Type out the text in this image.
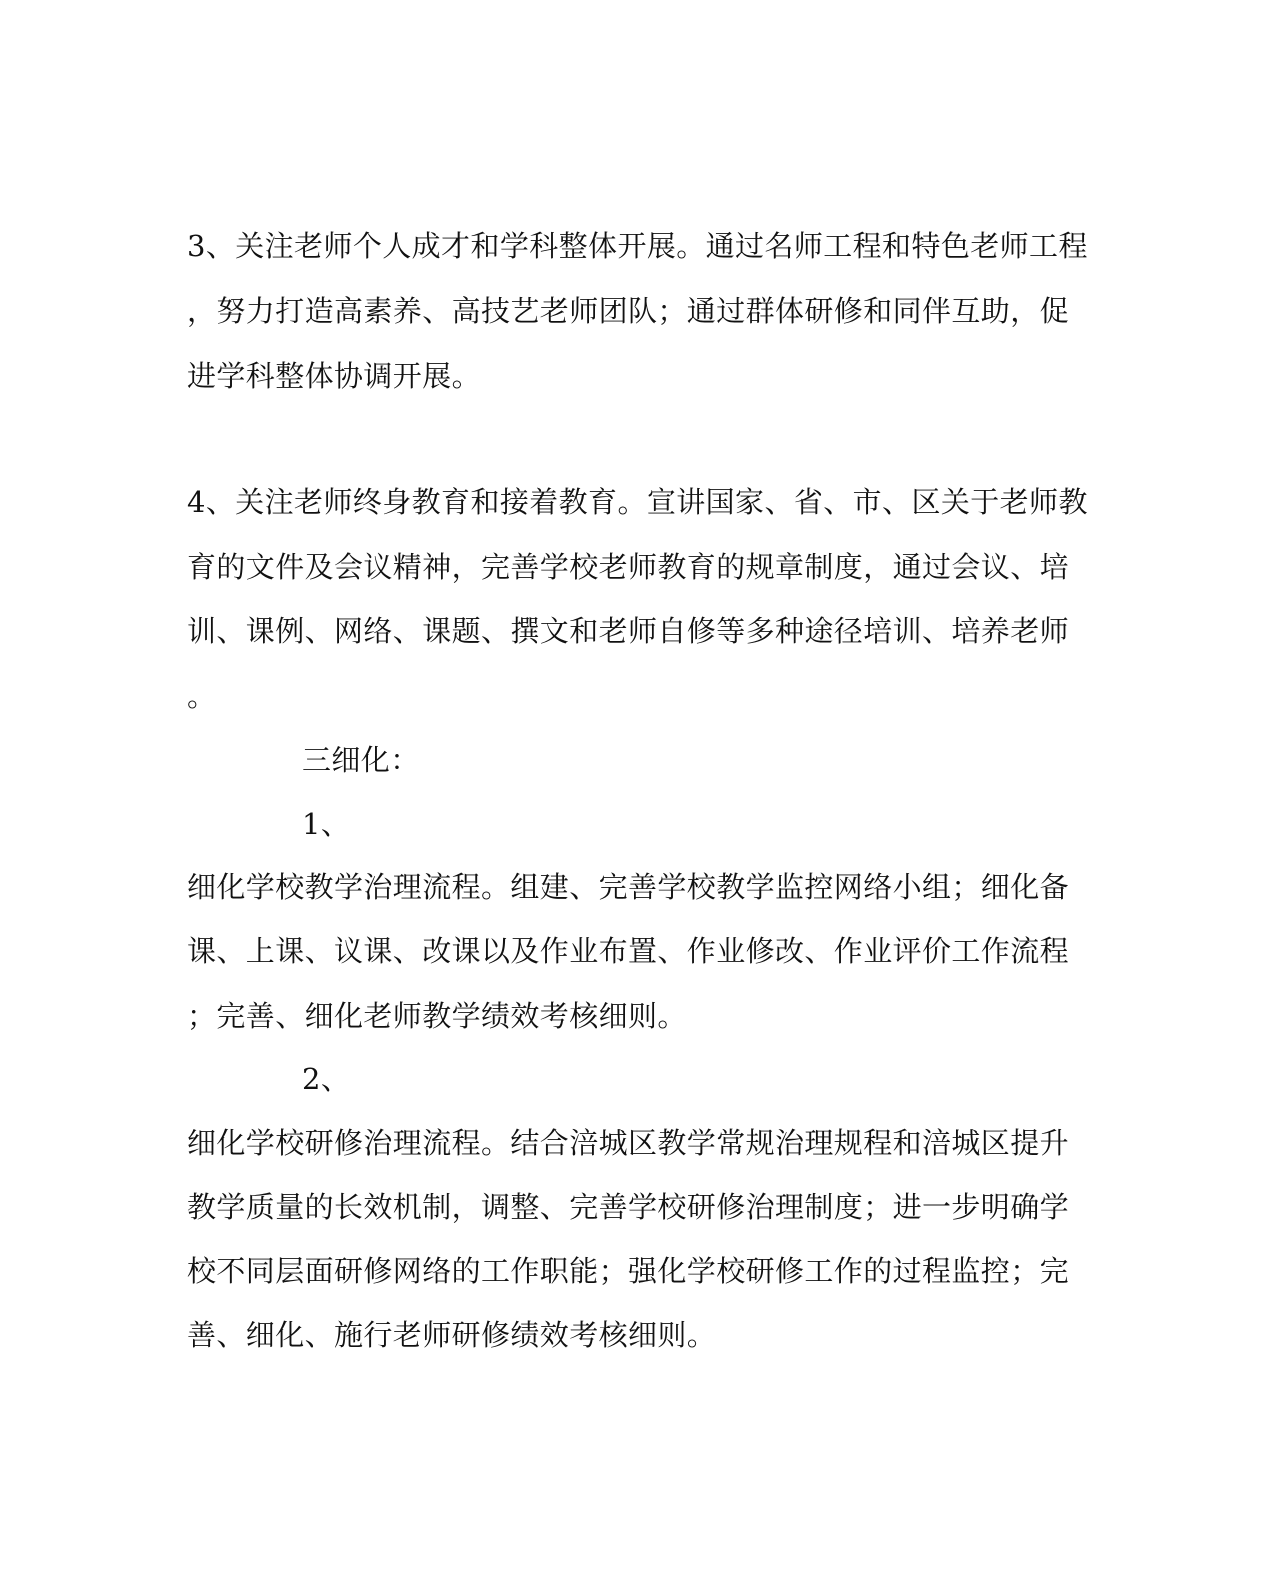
3、关注老师个人成才和学科整体开展。通过名师工程和特色老师工程
，努力打造高素养、高技艺老师团队；通过群体研修和同伴互助，促
进学科整体协调开展。
4、关注老师终身教育和接着教育。宣讲国家、省、市、区关于老师教
育的文件及会议精神，完善学校老师教育的规章制度，通过会议、培
训、课例、网络、课题、撰文和老师自修等多种途径培训、培养老师
。
三细化：
1、
细化学校教学治理流程。组建、完善学校教学监控网络小组；细化备
课、上课、议课、改课以及作业布置、作业修改、作业评价工作流程
；完善、细化老师教学绩效考核细则。
2、
细化学校研修治理流程。结合涪城区教学常规治理规程和涪城区提升
教学质量的长效机制，调整、完善学校研修治理制度；进一步明确学
校不同层面研修网络的工作职能；强化学校研修工作的过程监控；完
善、细化、施行老师研修绩效考核细则。
